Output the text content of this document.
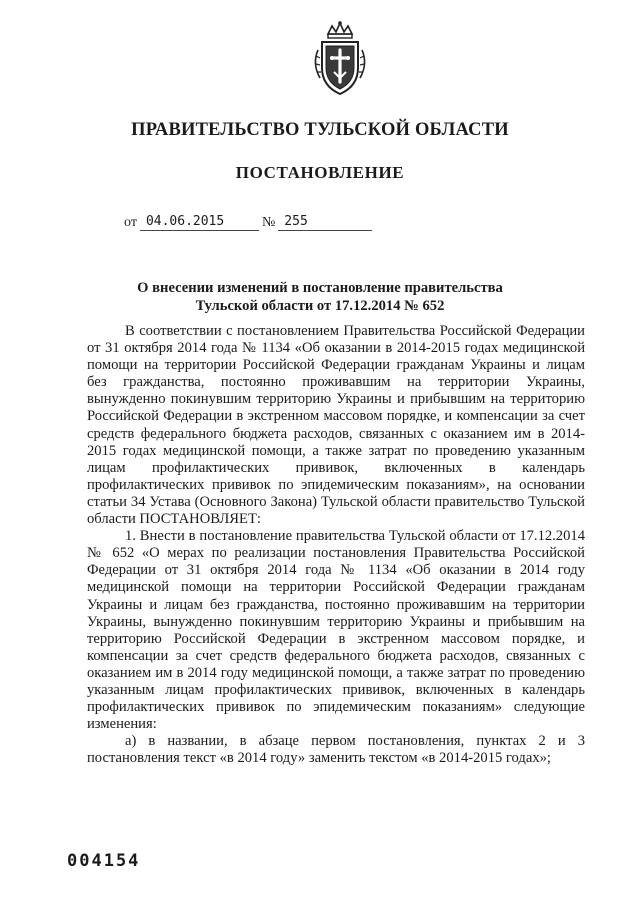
ПРАВИТЕЛЬСТВО ТУЛЬСКОЙ ОБЛАСТИ
ПОСТАНОВЛЕНИЕ
от 04.06.2015	№ 255
О внесении изменений в постановление правительства
Тульской области от 17.12.2014 № 652

В соответствии с постановлением Правительства Российской Федерации от 31 октября 2014 года № 1134 «Об оказании в 2014-2015 годах медицинской помощи на территории Российской Федерации гражданам Украины и лицам без гражданства, постоянно проживавшим на территории Украины, вынужденно покинувшим территорию Украины и прибывшим на территорию Российской Федерации в экстренном массовом порядке, и компенсации за счет средств федерального бюджета расходов, связанных с оказанием им в 2014-2015 годах медицинской помощи, а также затрат по проведению указанным лицам профилактических прививок, включенных в календарь профилактических прививок по эпидемическим показаниям», на основании статьи 34 Устава (Основного Закона) Тульской области правительство Тульской области ПОСТАНОВЛЯЕТ:

1. Внести в постановление правительства Тульской области от 17.12.2014 № 652 «О мерах по реализации постановления Правительства Российской Федерации от 31 октября 2014 года № 1134 «Об оказании в 2014 году медицинской помощи на территории Российской Федерации гражданам Украины и лицам без гражданства, постоянно проживавшим на территории Украины, вынужденно покинувшим территорию Украины и прибывшим на территорию Российской Федерации в экстренном массовом порядке, и компенсации за счет средств федерального бюджета расходов, связанных с оказанием им в 2014 году медицинской помощи, а также затрат по проведению указанным лицам профилактических прививок, включенных в календарь профилактических прививок по эпидемическим показаниям» следующие изменения:

а) в названии, в абзаце первом постановления, пунктах 2 и 3 постановления текст «в 2014 году» заменить текстом «в 2014-2015 годах»;

004154
